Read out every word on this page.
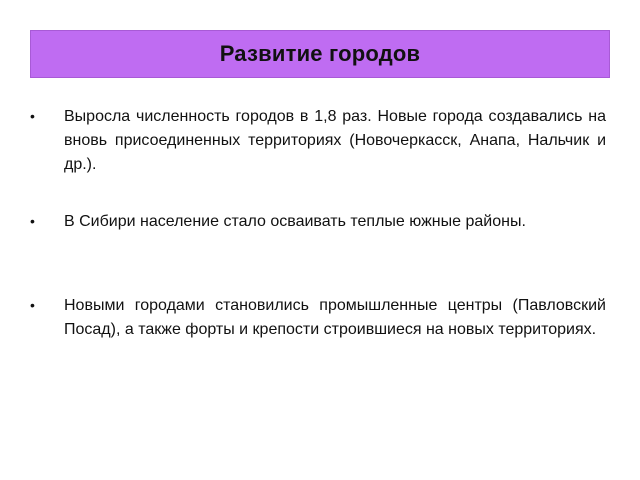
Развитие городов
• Выросла численность городов в 1,8 раз. Новые города создавались на вновь присоединенных территориях (Новочеркасск, Анапа, Нальчик и др.).

• В Сибири население стало осваивать теплые южные районы.

• Новыми городами становились промышленные центры (Павловский Посад), а также форты и крепости строившиеся на новых территориях.
